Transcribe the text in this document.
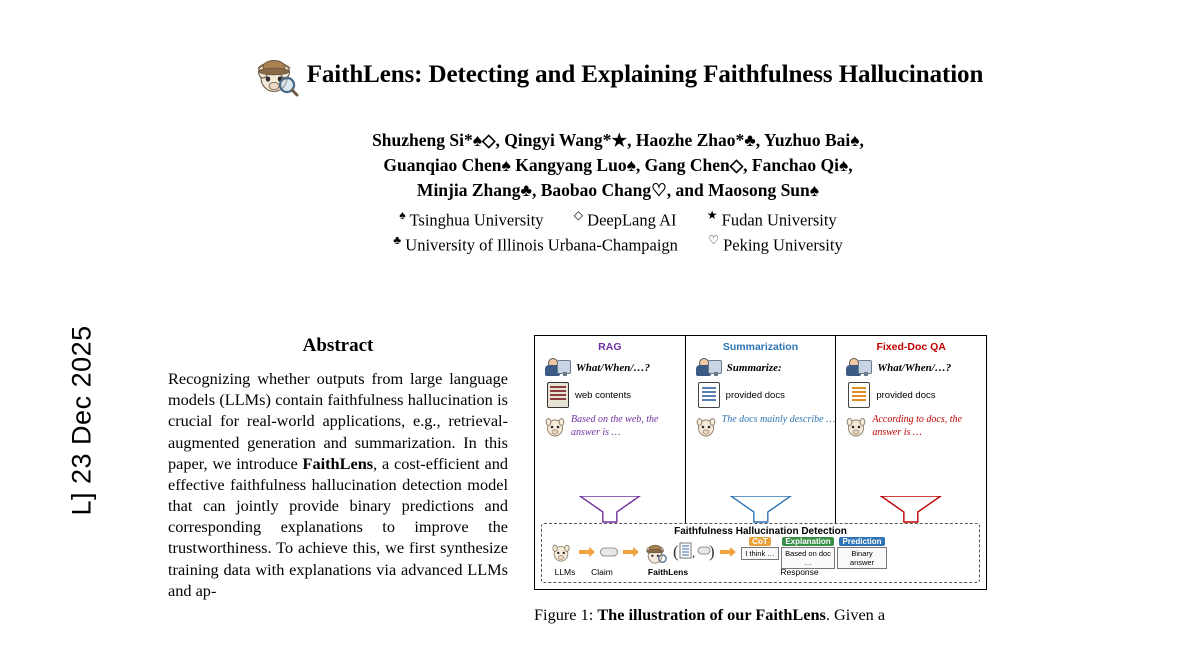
L] 23 Dec 2025
FaithLens: Detecting and Explaining Faithfulness Hallucination
Shuzheng Si*♠◇, Qingyi Wang*★, Haozhe Zhao*♣, Yuzhuo Bai♠,
Guanqiao Chen♠ Kangyang Luo♠, Gang Chen◇, Fanchao Qi♠,
Minjia Zhang♣, Baobao Chang♡, and Maosong Sun♠
♠ Tsinghua University	◇ DeepLang AI	★ Fudan University
♣ University of Illinois Urbana-Champaign	♡ Peking University
Abstract
Recognizing whether outputs from large language models (LLMs) contain faithfulness hallucination is crucial for real-world applications, e.g., retrieval-augmented generation and summarization. In this paper, we introduce FaithLens, a cost-efficient and effective faithfulness hallucination detection model that can jointly provide binary predictions and corresponding explanations to improve the trustworthiness. To achieve this, we first synthesize training data with explanations via advanced LLMs and ap-
RAG
What/When/…?
web contents
Based on the web, the answer is …
Summarization
Summarize:
provided docs
The docs mainly describe …
Fixed-Doc QA
What/When/…?
provided docs
According to docs, the answer is …
Faithfulness Hallucination Detection
( , )	CoT
I think …
Explanation
Based on doc …
Prediction
Binary answer
LLMs	Claim	FaithLens	Response
Figure 1: The illustration of our FaithLens. Given a
